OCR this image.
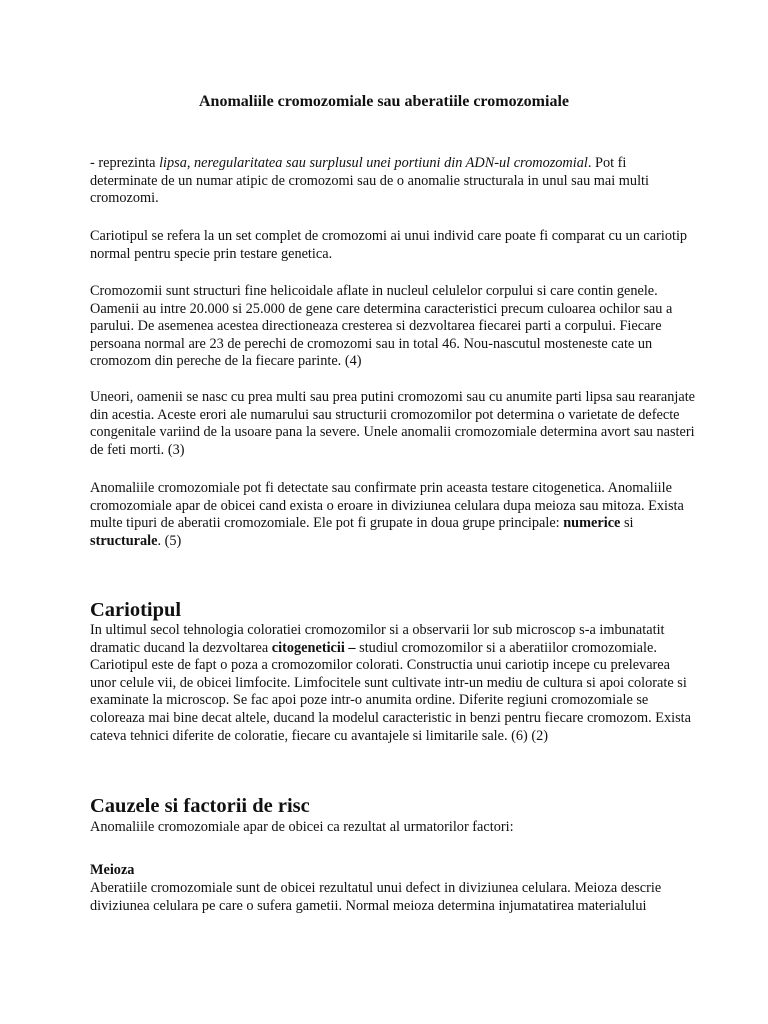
Anomaliile cromozomiale sau aberatiile cromozomiale

- reprezinta lipsa, neregularitatea sau surplusul unei portiuni din ADN-ul cromozomial. Pot fi
determinate de un numar atipic de cromozomi sau de o anomalie structurala in unul sau mai multi
cromozomi.

Cariotipul se refera la un set complet de cromozomi ai unui individ care poate fi comparat cu un cariotip
normal pentru specie prin testare genetica.

Cromozomii sunt structuri fine helicoidale aflate in nucleul celulelor corpului si care contin genele.
Oamenii au intre 20.000 si 25.000 de gene care determina caracteristici precum culoarea ochilor sau a
parului. De asemenea acestea directioneaza cresterea si dezvoltarea fiecarei parti a corpului. Fiecare
persoana normal are 23 de perechi de cromozomi sau in total 46. Nou-nascutul mosteneste cate un
cromozom din pereche de la fiecare parinte. (4)

Uneori, oamenii se nasc cu prea multi sau prea putini cromozomi sau cu anumite parti lipsa sau rearanjate
din acestia. Aceste erori ale numarului sau structurii cromozomilor pot determina o varietate de defecte
congenitale variind de la usoare pana la severe. Unele anomalii cromozomiale determina avort sau nasteri
de feti morti. (3)

Anomaliile cromozomiale pot fi detectate sau confirmate prin aceasta testare citogenetica. Anomaliile
cromozomiale apar de obicei cand exista o eroare in diviziunea celulara dupa meioza sau mitoza. Exista
multe tipuri de aberatii cromozomiale. Ele pot fi grupate in doua grupe principale: numerice si
structurale. (5)

Cariotipul

In ultimul secol tehnologia coloratiei cromozomilor si a observarii lor sub microscop s-a imbunatatit
dramatic ducand la dezvoltarea citogeneticii – studiul cromozomilor si a aberatiilor cromozomiale.
Cariotipul este de fapt o poza a cromozomilor colorati. Constructia unui cariotip incepe cu prelevarea
unor celule vii, de obicei limfocite. Limfocitele sunt cultivate intr-un mediu de cultura si apoi colorate si
examinate la microscop. Se fac apoi poze intr-o anumita ordine. Diferite regiuni cromozomiale se
coloreaza mai bine decat altele, ducand la modelul caracteristic in benzi pentru fiecare cromozom. Exista
cateva tehnici diferite de coloratie, fiecare cu avantajele si limitarile sale. (6) (2)

Cauzele si factorii de risc

Anomaliile cromozomiale apar de obicei ca rezultat al urmatorilor factori:

Meioza

Aberatiile cromozomiale sunt de obicei rezultatul unui defect in diviziunea celulara. Meioza descrie
diviziunea celulara pe care o sufera gametii. Normal meioza determina injumatatirea materialului
